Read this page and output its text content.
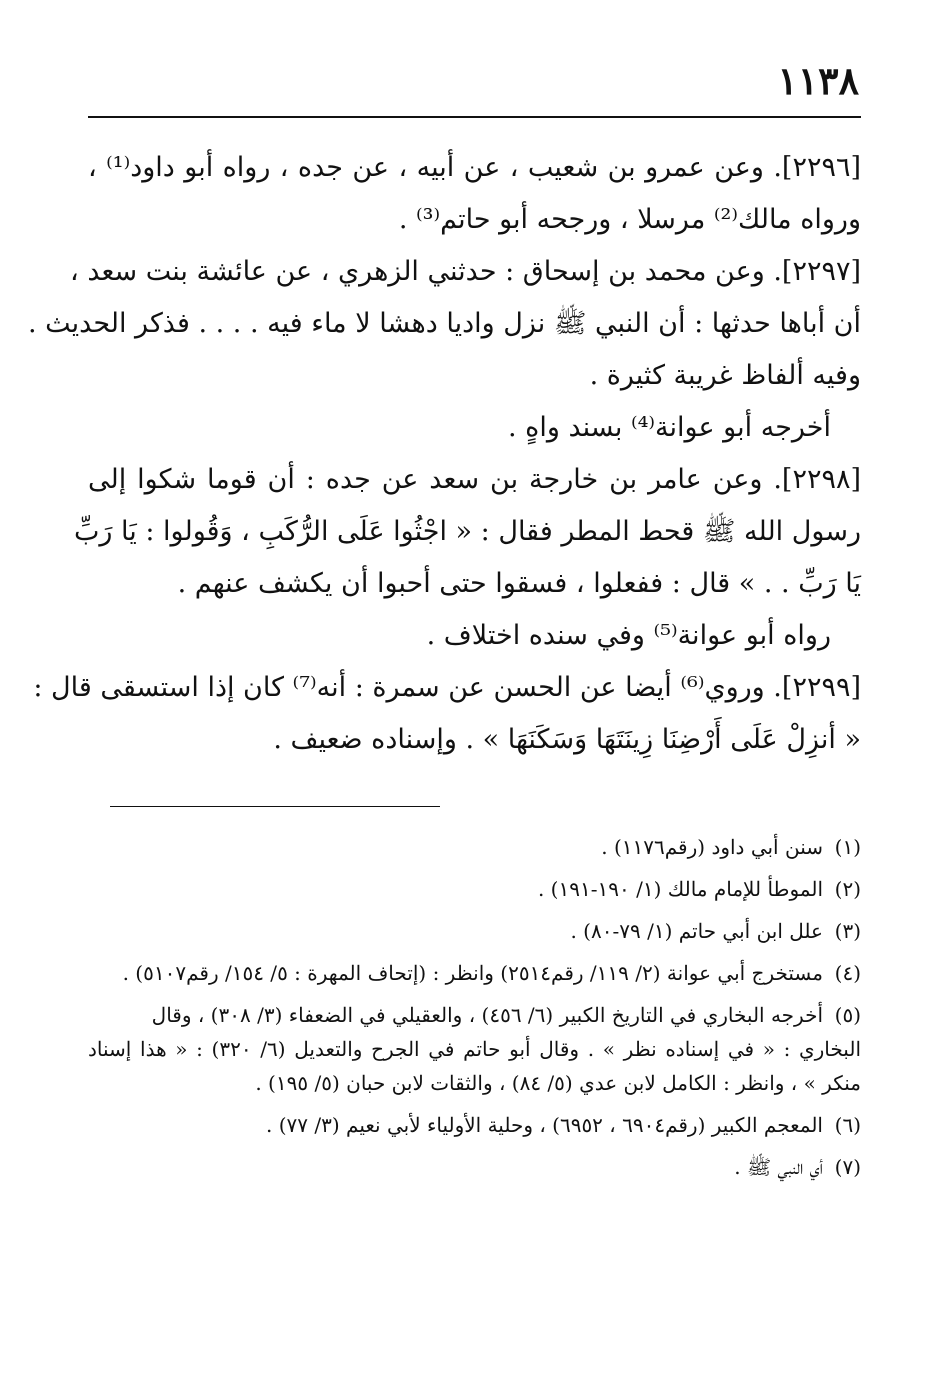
١١٣٨
[٢٢٩٦]. وعن عمرو بن شعيب ، عن أبيه ، عن جده ، رواه أبو داود⁽¹⁾ ،
ورواه مالك⁽²⁾ مرسلا ، ورجحه أبو حاتم⁽³⁾ .
[٢٢٩٧]. وعن محمد بن إسحاق : حدثني الزهري ، عن عائشة بنت سعد ،
أن أباها حدثها : أن النبي ﷺ نزل واديا دهشا لا ماء فيه . . . . فذكر الحديث .
وفيه ألفاظ غريبة كثيرة .
أخرجه أبو عوانة⁽⁴⁾ بسند واهٍ .
[٢٢٩٨]. وعن عامر بن خارجة بن سعد عن جده : أن قوما شكوا إلى
رسول الله ﷺ قحط المطر فقال : « اجْثُوا عَلَى الرُّكَبِ ، وَقُولوا : يَا رَبِّ
يَا رَبِّ . . » قال : ففعلوا ، فسقوا حتى أحبوا أن يكشف عنهم .
رواه أبو عوانة⁽⁵⁾ وفي سنده اختلاف .
[٢٢٩٩]. وروي⁽⁶⁾ أيضا عن الحسن عن سمرة : أنه⁽⁷⁾ كان إذا استسقى قال :
« أنزِلْ عَلَى أَرْضِنَا زِينَتَهَا وَسَكَنَهَا » . وإسناده ضعيف .
(١)سنن أبي داود (رقم١١٧٦) .
(٢)الموطأ للإمام مالك (١/ ١٩٠-١٩١) .
(٣)علل ابن أبي حاتم (١/ ٧٩-٨٠) .
(٤)مستخرج أبي عوانة (٢/ ١١٩/ رقم٢٥١٤) وانظر : (إتحاف المهرة : ٥/ ١٥٤/ رقم٥١٠٧) .
(٥)أخرجه البخاري في التاريخ الكبير (٦/ ٤٥٦) ، والعقيلي في الضعفاء (٣/ ٣٠٨) ، وقال
البخاري : « في إسناده نظر » . وقال أبو حاتم في الجرح والتعديل (٦/ ٣٢٠) : « هذا إسناد
منكر » ، وانظر : الكامل لابن عدي (٥/ ٨٤) ، والثقات لابن حبان (٥/ ١٩٥) .
(٦)المعجم الكبير (رقم٦٩٠٤ ، ٦٩٥٢) ، وحلية الأولياء لأبي نعيم (٣/ ٧٧) .
(٧)أي النبي ﷺ .
